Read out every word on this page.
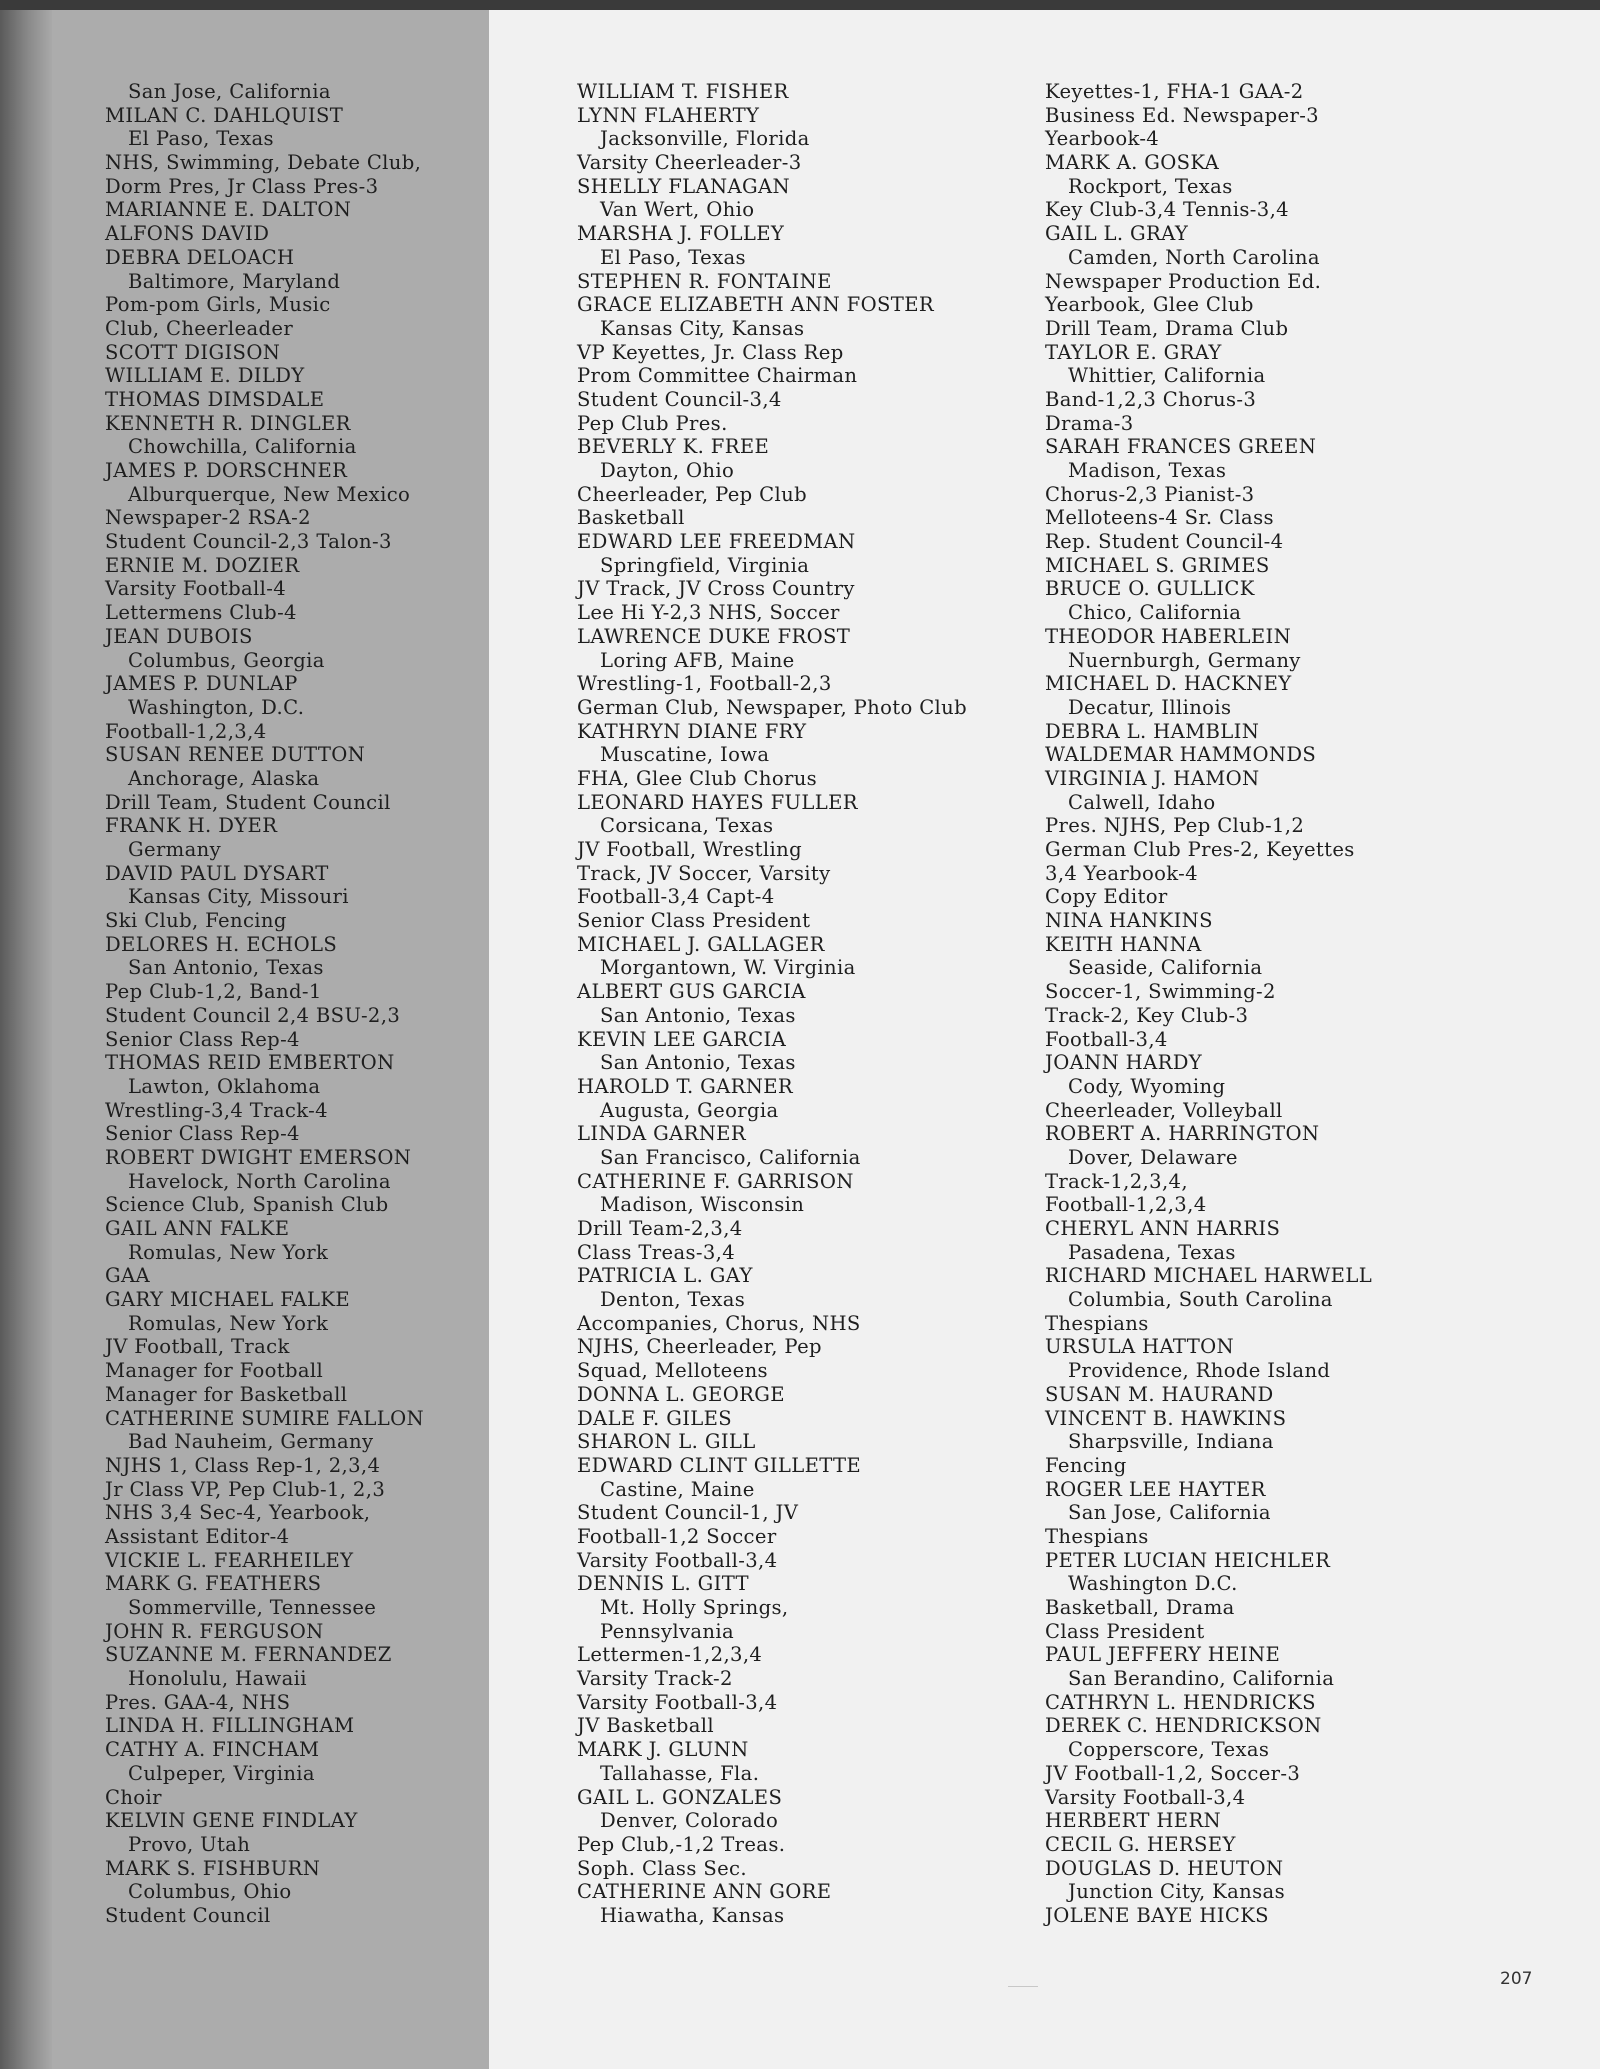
San Jose, California
MILAN C. DAHLQUIST
El Paso, Texas
NHS, Swimming, Debate Club,
Dorm Pres, Jr Class Pres-3
MARIANNE E. DALTON
ALFONS DAVID
DEBRA DELOACH
Baltimore, Maryland
Pom-pom Girls, Music
Club, Cheerleader
SCOTT DIGISON
WILLIAM E. DILDY
THOMAS DIMSDALE
KENNETH R. DINGLER
Chowchilla, California
JAMES P. DORSCHNER
Alburquerque, New Mexico
Newspaper-2 RSA-2
Student Council-2,3 Talon-3
ERNIE M. DOZIER
Varsity Football-4
Lettermens Club-4
JEAN DUBOIS
Columbus, Georgia
JAMES P. DUNLAP
Washington, D.C.
Football-1,2,3,4
SUSAN RENEE DUTTON
Anchorage, Alaska
Drill Team, Student Council
FRANK H. DYER
Germany
DAVID PAUL DYSART
Kansas City, Missouri
Ski Club, Fencing
DELORES H. ECHOLS
San Antonio, Texas
Pep Club-1,2, Band-1
Student Council 2,4 BSU-2,3
Senior Class Rep-4
THOMAS REID EMBERTON
Lawton, Oklahoma
Wrestling-3,4 Track-4
Senior Class Rep-4
ROBERT DWIGHT EMERSON
Havelock, North Carolina
Science Club, Spanish Club
GAIL ANN FALKE
Romulas, New York
GAA
GARY MICHAEL FALKE
Romulas, New York
JV Football, Track
Manager for Football
Manager for Basketball
CATHERINE SUMIRE FALLON
Bad Nauheim, Germany
NJHS 1, Class Rep-1, 2,3,4
Jr Class VP, Pep Club-1, 2,3
NHS 3,4 Sec-4, Yearbook,
Assistant Editor-4
VICKIE L. FEARHEILEY
MARK G. FEATHERS
Sommerville, Tennessee
JOHN R. FERGUSON
SUZANNE M. FERNANDEZ
Honolulu, Hawaii
Pres. GAA-4, NHS
LINDA H. FILLINGHAM
CATHY A. FINCHAM
Culpeper, Virginia
Choir
KELVIN GENE FINDLAY
Provo, Utah
MARK S. FISHBURN
Columbus, Ohio
Student Council
WILLIAM T. FISHER
LYNN FLAHERTY
Jacksonville, Florida
Varsity Cheerleader-3
SHELLY FLANAGAN
Van Wert, Ohio
MARSHA J. FOLLEY
El Paso, Texas
STEPHEN R. FONTAINE
GRACE ELIZABETH ANN FOSTER
Kansas City, Kansas
VP Keyettes, Jr. Class Rep
Prom Committee Chairman
Student Council-3,4
Pep Club Pres.
BEVERLY K. FREE
Dayton, Ohio
Cheerleader, Pep Club
Basketball
EDWARD LEE FREEDMAN
Springfield, Virginia
JV Track, JV Cross Country
Lee Hi Y-2,3 NHS, Soccer
LAWRENCE DUKE FROST
Loring AFB, Maine
Wrestling-1, Football-2,3
German Club, Newspaper, Photo Club
KATHRYN DIANE FRY
Muscatine, Iowa
FHA, Glee Club Chorus
LEONARD HAYES FULLER
Corsicana, Texas
JV Football, Wrestling
Track, JV Soccer, Varsity
Football-3,4 Capt-4
Senior Class President
MICHAEL J. GALLAGER
Morgantown, W. Virginia
ALBERT GUS GARCIA
San Antonio, Texas
KEVIN LEE GARCIA
San Antonio, Texas
HAROLD T. GARNER
Augusta, Georgia
LINDA GARNER
San Francisco, California
CATHERINE F. GARRISON
Madison, Wisconsin
Drill Team-2,3,4
Class Treas-3,4
PATRICIA L. GAY
Denton, Texas
Accompanies, Chorus, NHS
NJHS, Cheerleader, Pep
Squad, Melloteens
DONNA L. GEORGE
DALE F. GILES
SHARON L. GILL
EDWARD CLINT GILLETTE
Castine, Maine
Student Council-1, JV
Football-1,2 Soccer
Varsity Football-3,4
DENNIS L. GITT
Mt. Holly Springs,
Pennsylvania
Lettermen-1,2,3,4
Varsity Track-2
Varsity Football-3,4
JV Basketball
MARK J. GLUNN
Tallahasse, Fla.
GAIL L. GONZALES
Denver, Colorado
Pep Club,-1,2 Treas.
Soph. Class Sec.
CATHERINE ANN GORE
Hiawatha, Kansas
Keyettes-1, FHA-1 GAA-2
Business Ed. Newspaper-3
Yearbook-4
MARK A. GOSKA
Rockport, Texas
Key Club-3,4 Tennis-3,4
GAIL L. GRAY
Camden, North Carolina
Newspaper Production Ed.
Yearbook, Glee Club
Drill Team, Drama Club
TAYLOR E. GRAY
Whittier, California
Band-1,2,3 Chorus-3
Drama-3
SARAH FRANCES GREEN
Madison, Texas
Chorus-2,3 Pianist-3
Melloteens-4 Sr. Class
Rep. Student Council-4
MICHAEL S. GRIMES
BRUCE O. GULLICK
Chico, California
THEODOR HABERLEIN
Nuernburgh, Germany
MICHAEL D. HACKNEY
Decatur, Illinois
DEBRA L. HAMBLIN
WALDEMAR HAMMONDS
VIRGINIA J. HAMON
Calwell, Idaho
Pres. NJHS, Pep Club-1,2
German Club Pres-2, Keyettes
3,4 Yearbook-4
Copy Editor
NINA HANKINS
KEITH HANNA
Seaside, California
Soccer-1, Swimming-2
Track-2, Key Club-3
Football-3,4
JOANN HARDY
Cody, Wyoming
Cheerleader, Volleyball
ROBERT A. HARRINGTON
Dover, Delaware
Track-1,2,3,4,
Football-1,2,3,4
CHERYL ANN HARRIS
Pasadena, Texas
RICHARD MICHAEL HARWELL
Columbia, South Carolina
Thespians
URSULA HATTON
Providence, Rhode Island
SUSAN M. HAURAND
VINCENT B. HAWKINS
Sharpsville, Indiana
Fencing
ROGER LEE HAYTER
San Jose, California
Thespians
PETER LUCIAN HEICHLER
Washington D.C.
Basketball, Drama
Class President
PAUL JEFFERY HEINE
San Berandino, California
CATHRYN L. HENDRICKS
DEREK C. HENDRICKSON
Copperscore, Texas
JV Football-1,2, Soccer-3
Varsity Football-3,4
HERBERT HERN
CECIL G. HERSEY
DOUGLAS D. HEUTON
Junction City, Kansas
JOLENE BAYE HICKS
207
